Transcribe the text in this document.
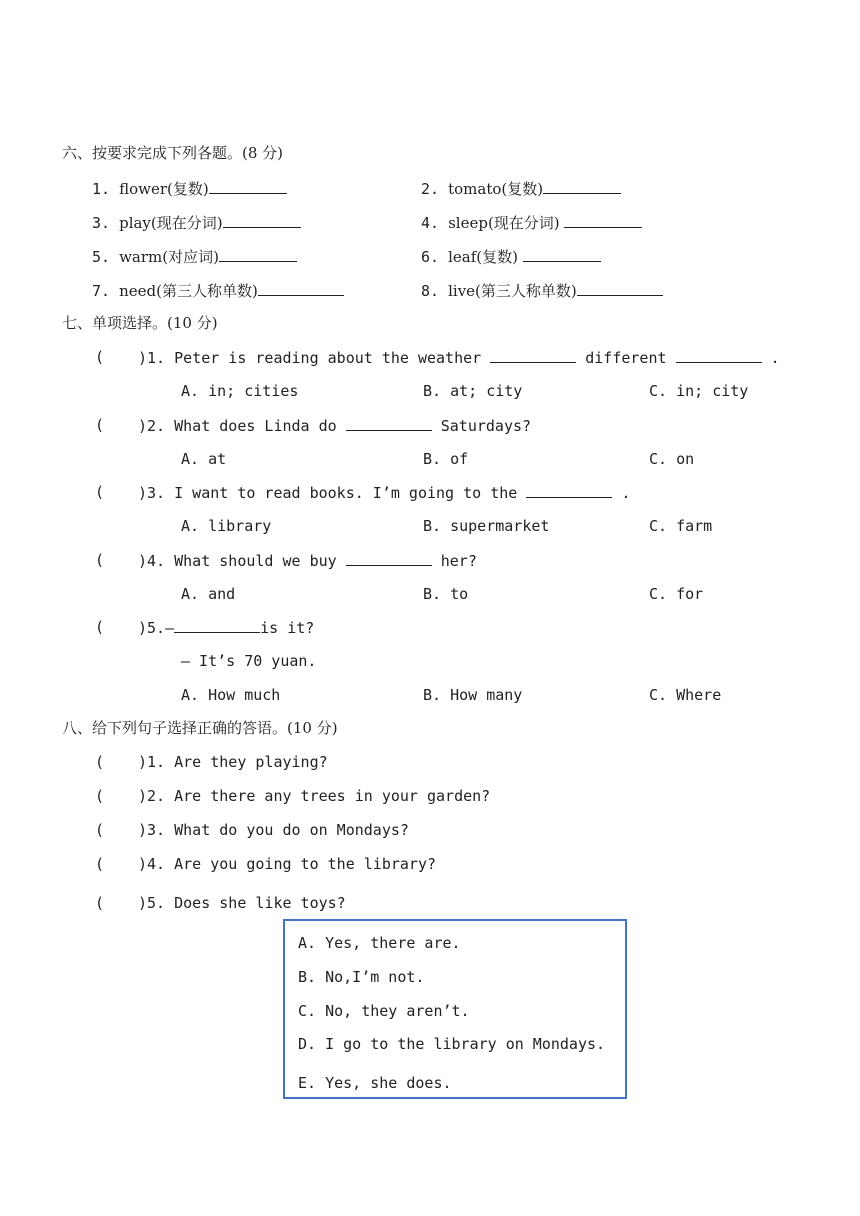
六、按要求完成下列各题。(8 分)
1. flower(复数)	2. tomato(复数)
3. play(现在分词)	4. sleep(现在分词)
5. warm(对应词)	6. leaf(复数)
7. need(第三人称单数)	8. live(第三人称单数)
七、单项选择。(10 分)
( )1. Peter is reading about the weather	different	.
A. in; cities	B. at; city	C. in; city
( )2. What does Linda do	Saturdays?
A. at	B. of	C. on
( )3. I want to read books. I’m going to the	.
A. library	B. supermarket	C. farm
( )4. What should we buy	her?
A. and	B. to	C. for
( )5.—	is it?
— It’s 70 yuan.
A. How much	B. How many	C. Where
八、给下列句子选择正确的答语。(10 分)
( )1. Are they playing?
( )2. Are there any trees in your garden?
( )3. What do you do on Mondays?
( )4. Are you going to the library?
( )5. Does she like toys?
A. Yes, there are.
B. No,I’m not.
C. No, they aren’t.
D. I go to the library on Mondays.
E. Yes, she does.
